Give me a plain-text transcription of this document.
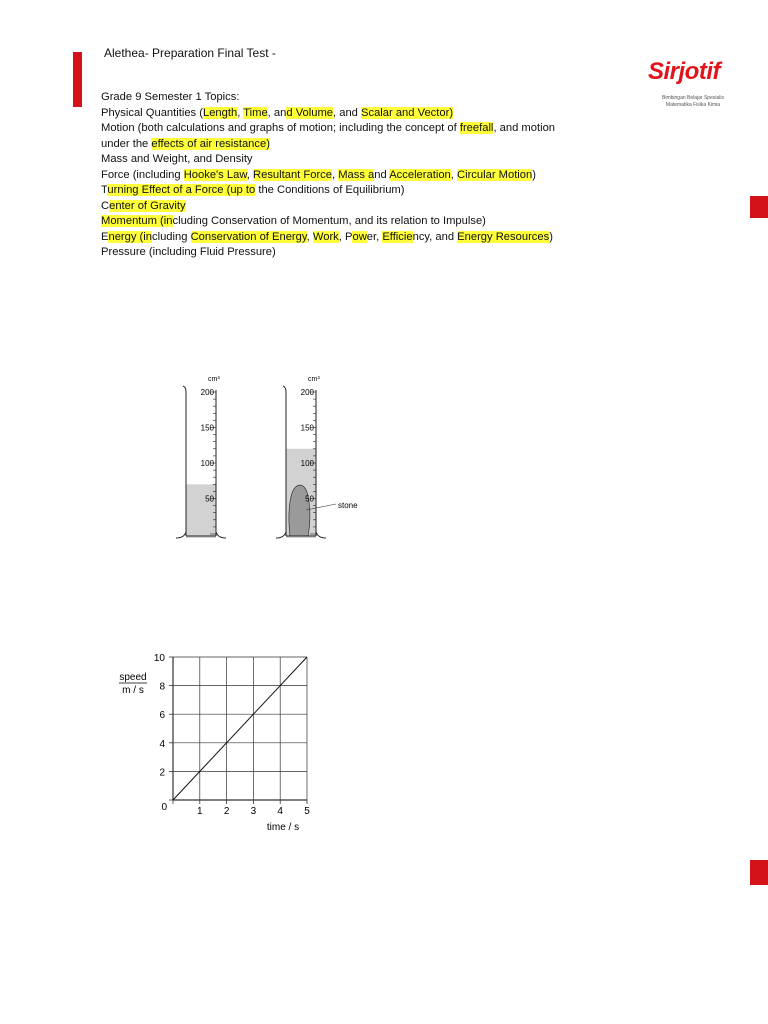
Alethea- Preparation Final Test -
Sirjotif
Bimbingan Belajar Spesialis
Matematika Fisika Kimia
Grade 9 Semester 1 Topics:
Physical Quantities (Length, Time, and Volume, and Scalar and Vector)
Motion (both calculations and graphs of motion; including the concept of freefall, and motion
under the effects of air resistance)
Mass and Weight, and Density
Force (including Hooke's Law, Resultant Force, Mass and Acceleration, Circular Motion)
Turning Effect of a Force (up to the Conditions of Equilibrium)
Center of Gravity
Momentum (including Conservation of Momentum, and its relation to Impulse)
Energy (including Conservation of Energy, Work, Power, Efficiency, and Energy Resources)
Pressure (including Fluid Pressure)
cm³
200
150
100
50
stone
cm³
200
150
100
50
1 2 3 4 5
2
4
6
8
10
0
speed
m / s
time / s
